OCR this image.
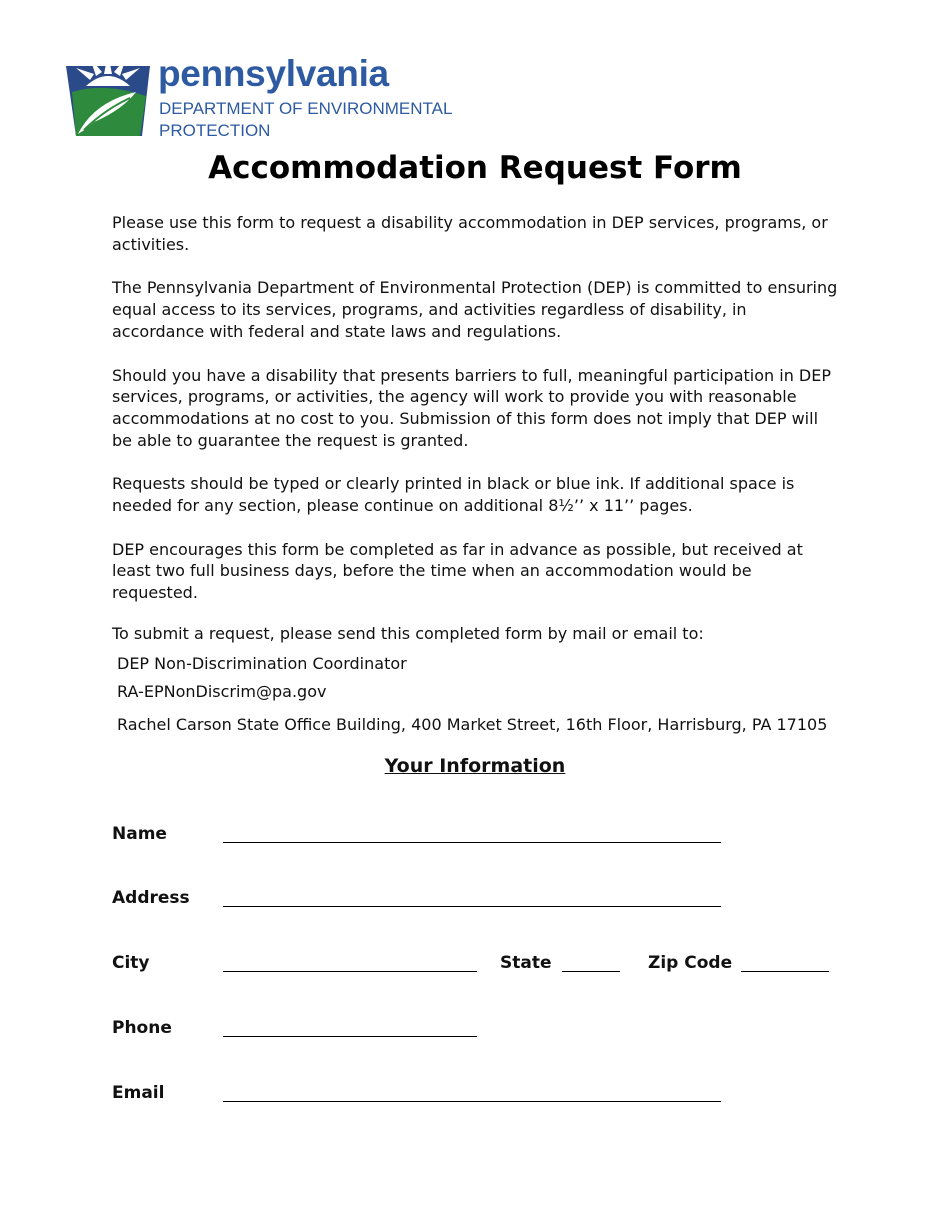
pennsylvania
DEPARTMENT OF ENVIRONMENTAL PROTECTION
Accommodation Request Form

Please use this form to request a disability accommodation in DEP services, programs, or activities.

The Pennsylvania Department of Environmental Protection (DEP) is committed to ensuring equal access to its services, programs, and activities regardless of disability, in accordance with federal and state laws and regulations.

Should you have a disability that presents barriers to full, meaningful participation in DEP services, programs, or activities, the agency will work to provide you with reasonable accommodations at no cost to you. Submission of this form does not imply that DEP will be able to guarantee the request is granted.

Requests should be typed or clearly printed in black or blue ink. If additional space is needed for any section, please continue on additional 8½’’ x 11’’ pages.

DEP encourages this form be completed as far in advance as possible, but received at least two full business days, before the time when an accommodation would be requested.

To submit a request, please send this completed form by mail or email to:
DEP Non-Discrimination Coordinator
RA-EPNonDiscrim@pa.gov
Rachel Carson State Office Building, 400 Market Street, 16th Floor, Harrisburg, PA 17105
Your Information
Name
Address
City	State	Zip Code
Phone
Email
